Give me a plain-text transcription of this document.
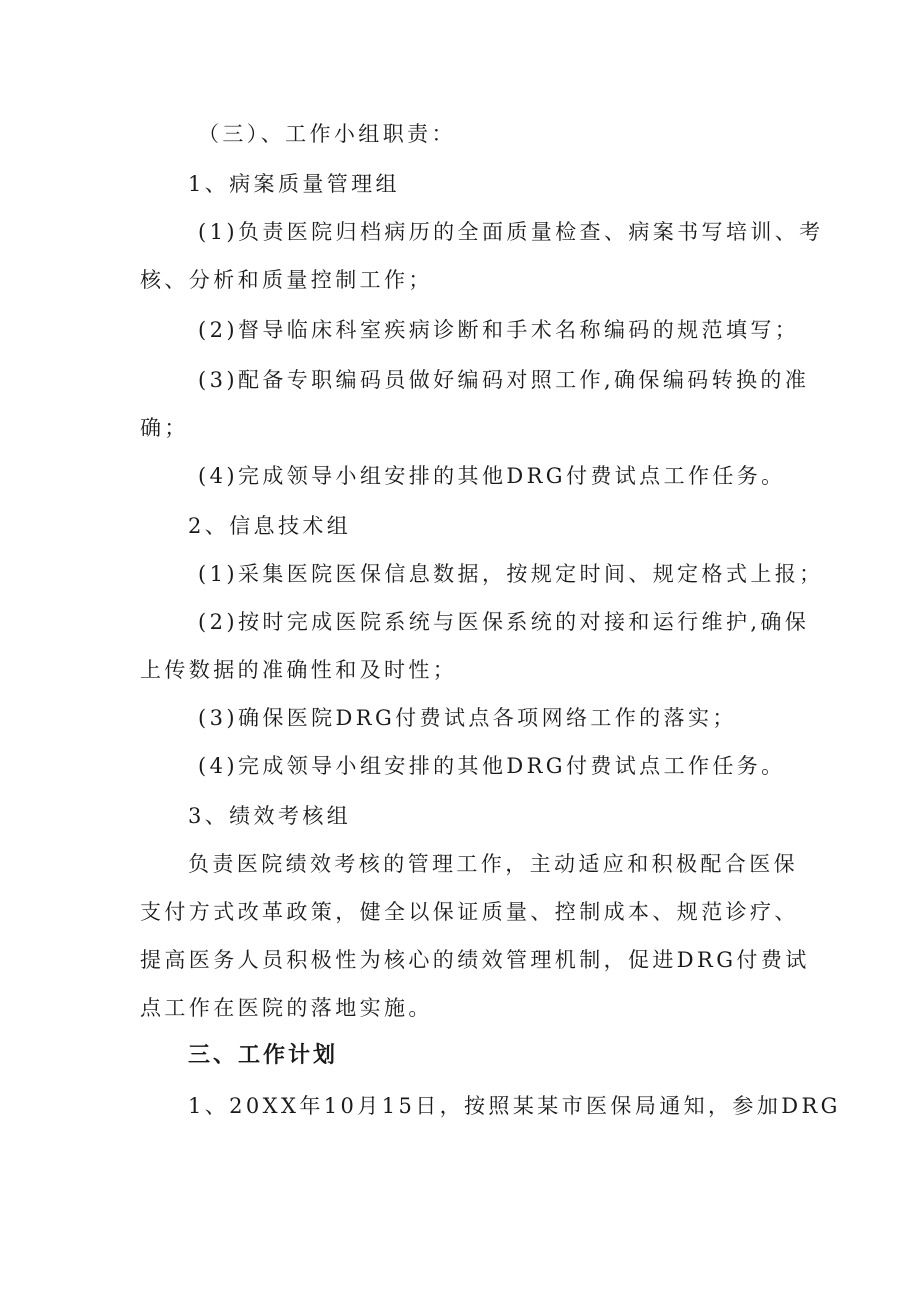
（三）、工作小组职责：
1、病案质量管理组
(1)负责医院归档病历的全面质量检查、病案书写培训、考
核、分析和质量控制工作；
(2)督导临床科室疾病诊断和手术名称编码的规范填写；
(3)配备专职编码员做好编码对照工作,确保编码转换的准
确；
(4)完成领导小组安排的其他DRG付费试点工作任务。
2、信息技术组
(1)采集医院医保信息数据，按规定时间、规定格式上报；
(2)按时完成医院系统与医保系统的对接和运行维护,确保
上传数据的准确性和及时性；
(3)确保医院DRG付费试点各项网络工作的落实；
(4)完成领导小组安排的其他DRG付费试点工作任务。
3、绩效考核组
负责医院绩效考核的管理工作，主动适应和积极配合医保
支付方式改革政策，健全以保证质量、控制成本、规范诊疗、
提高医务人员积极性为核心的绩效管理机制，促进DRG付费试
点工作在医院的落地实施。
三、工作计划
1、20XX年10月15日，按照某某市医保局通知，参加DRG
